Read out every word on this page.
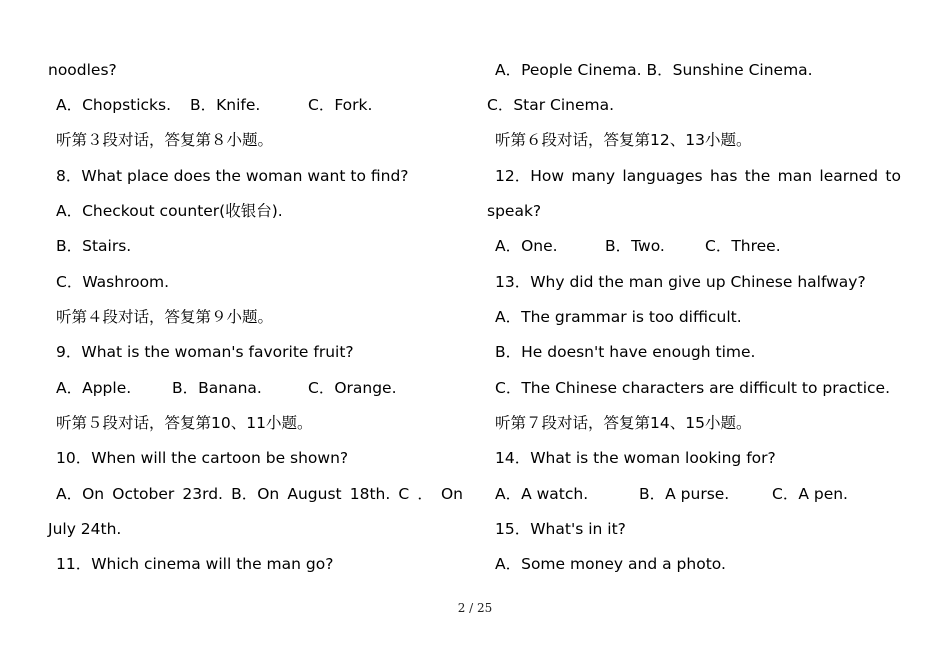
noodles?
A．Chopsticks. B．Knife.	C．Fork.
听第３段对话，答复第８小题。
8．What place does the woman want to find?
A．Checkout counter(收银台).
B．Stairs.
C．Washroom.
听第４段对话，答复第９小题。
9．What is the woman's favorite fruit?
A．Apple.	B．Banana.	C．Orange.
听第５段对话，答复第10、11小题。
10．When will the cartoon be shown?
A．On October 23rd. B．On August 18th. C ． On
July 24th.
11．Which cinema will the man go?
A．People Cinema. B．Sunshine Cinema.
C．Star Cinema.
听第６段对话，答复第12、13小题。
12．How many languages has the man learned to
speak?
A．One.	B．Two.	C．Three.
13．Why did the man give up Chinese halfway?
A．The grammar is too difficult.
B．He doesn't have enough time.
C．The Chinese characters are difficult to practice.
听第７段对话，答复第14、15小题。
14．What is the woman looking for?
A．A watch.	B．A purse.	C．A pen.
15．What's in it?
A．Some money and a photo.
2 / 25
